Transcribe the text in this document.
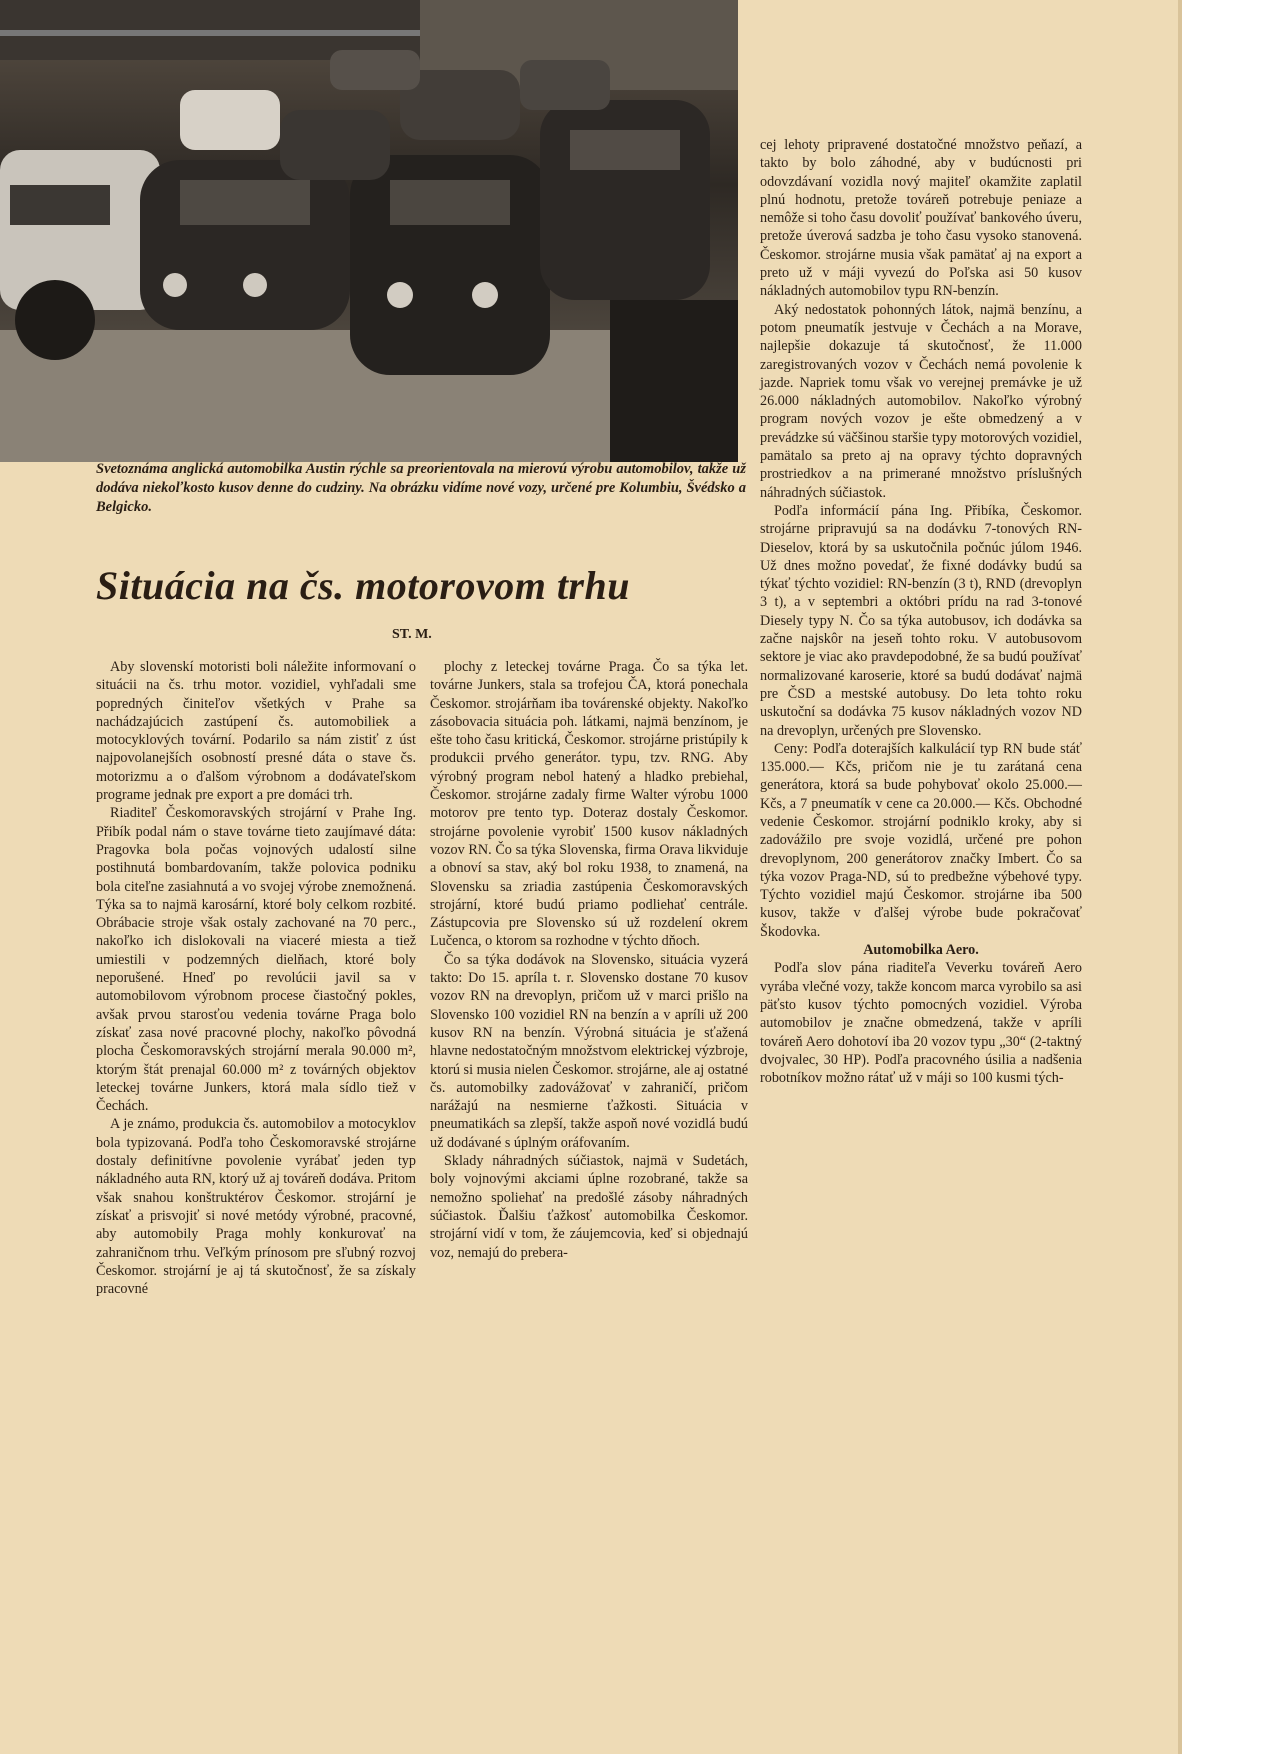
Svetoznáma anglická automobilka Austin rýchle sa preorientovala na mierovú výrobu automobilov, takže už dodáva niekoľkosto kusov denne do cudziny. Na obrázku vidíme nové vozy, určené pre Kolumbiu, Švédsko a Belgicko.
Situácia na čs. motorovom trhu
ST. M.

Aby slovenskí motoristi boli náležite informovaní o situácii na čs. trhu motor. vozidiel, vyhľadali sme popredných činiteľov všetkých v Prahe sa nachádzajúcich zastúpení čs. automobiliek a motocyklových tovární. Podarilo sa nám zistiť z úst najpovolanejších osobností presné dáta o stave čs. motorizmu a o ďalšom výrobnom a dodávateľskom programe jednak pre export a pre domáci trh.

Riaditeľ Českomoravských strojární v Prahe Ing. Přibík podal nám o stave továrne tieto zaujímavé dáta: Pragovka bola počas vojnových udalostí silne postihnutá bombardovaním, takže polovica podniku bola citeľne zasiahnutá a vo svojej výrobe znemožnená. Týka sa to najmä karosární, ktoré boly celkom rozbité. Obrábacie stroje však ostaly zachované na 70 perc., nakoľko ich dislokovali na viaceré miesta a tiež umiestili v podzemných dielňach, ktoré boly neporušené. Hneď po revolúcii javil sa v automobilovom výrobnom procese čiastočný pokles, avšak prvou starosťou vedenia továrne Praga bolo získať zasa nové pracovné plochy, nakoľko pôvodná plocha Českomoravských strojární merala 90.000 m², ktorým štát prenajal 60.000 m² z továrných objektov leteckej továrne Junkers, ktorá mala sídlo tiež v Čechách.

A je známo, produkcia čs. automobilov a motocyklov bola typizovaná. Podľa toho Českomoravské strojárne dostaly definitívne povolenie vyrábať jeden typ nákladného auta RN, ktorý už aj továreň dodáva. Pritom však snahou konštruktérov Českomor. strojární je získať a prisvojiť si nové metódy výrobné, pracovné, aby automobily Praga mohly konkurovať na zahraničnom trhu. Veľkým prínosom pre sľubný rozvoj Českomor. strojární je aj tá skutočnosť, že sa získaly pracovné

plochy z leteckej továrne Praga. Čo sa týka let. továrne Junkers, stala sa trofejou ČA, ktorá ponechala Českomor. strojárňam iba továrenské objekty. Nakoľko zásobovacia situácia poh. látkami, najmä benzínom, je ešte toho času kritická, Českomor. strojárne pristúpily k produkcii prvého generátor. typu, tzv. RNG. Aby výrobný program nebol hatený a hladko prebiehal, Českomor. strojárne zadaly firme Walter výrobu 1000 motorov pre tento typ. Doteraz dostaly Českomor. strojárne povolenie vyrobiť 1500 kusov nákladných vozov RN. Čo sa týka Slovenska, firma Orava likviduje a obnoví sa stav, aký bol roku 1938, to znamená, na Slovensku sa zriadia zastúpenia Českomoravských strojární, ktoré budú priamo podliehať centrále. Zástupcovia pre Slovensko sú už rozdelení okrem Lučenca, o ktorom sa rozhodne v týchto dňoch.

Čo sa týka dodávok na Slovensko, situácia vyzerá takto: Do 15. apríla t. r. Slovensko dostane 70 kusov vozov RN na drevoplyn, pričom už v marci prišlo na Slovensko 100 vozidiel RN na benzín a v apríli už 200 kusov RN na benzín. Výrobná situácia je sťažená hlavne nedostatočným množstvom elektrickej výzbroje, ktorú si musia nielen Českomor. strojárne, ale aj ostatné čs. automobilky zadovážovať v zahraničí, pričom narážajú na nesmierne ťažkosti. Situácia v pneumatikách sa zlepší, takže aspoň nové vozidlá budú už dodávané s úplným oráfovaním.

Sklady náhradných súčiastok, najmä v Sudetách, boly vojnovými akciami úplne rozobrané, takže sa nemožno spoliehať na predošlé zásoby náhradných súčiastok. Ďalšiu ťažkosť automobilka Českomor. strojární vidí v tom, že záujemcovia, keď si objednajú voz, nemajú do prebera-

cej lehoty pripravené dostatočné množstvo peňazí, a takto by bolo záhodné, aby v budúcnosti pri odovzdávaní vozidla nový majiteľ okamžite zaplatil plnú hodnotu, pretože továreň potrebuje peniaze a nemôže si toho času dovoliť používať bankového úveru, pretože úverová sadzba je toho času vysoko stanovená. Českomor. strojárne musia však pamätať aj na export a preto už v máji vyvezú do Poľska asi 50 kusov nákladných automobilov typu RN-benzín.

Aký nedostatok pohonných látok, najmä benzínu, a potom pneumatík jestvuje v Čechách a na Morave, najlepšie dokazuje tá skutočnosť, že 11.000 zaregistrovaných vozov v Čechách nemá povolenie k jazde. Napriek tomu však vo verejnej premávke je už 26.000 nákladných automobilov. Nakoľko výrobný program nových vozov je ešte obmedzený a v prevádzke sú väčšinou staršie typy motorových vozidiel, pamätalo sa preto aj na opravy týchto dopravných prostriedkov a na primerané množstvo príslušných náhradných súčiastok.

Podľa informácií pána Ing. Přibíka, Českomor. strojárne pripravujú sa na dodávku 7-tonových RN-Dieselov, ktorá by sa uskutočnila počnúc júlom 1946. Už dnes možno povedať, že fixné dodávky budú sa týkať týchto vozidiel: RN-benzín (3 t), RND (drevoplyn 3 t), a v septembri a októbri prídu na rad 3-tonové Diesely typy N. Čo sa týka autobusov, ich dodávka sa začne najskôr na jeseň tohto roku. V autobusovom sektore je viac ako pravdepodobné, že sa budú používať normalizované karoserie, ktoré sa budú dodávať najmä pre ČSD a mestské autobusy. Do leta tohto roku uskutoční sa dodávka 75 kusov nákladných vozov ND na drevoplyn, určených pre Slovensko.

Ceny: Podľa doterajších kalkulácií typ RN bude stáť 135.000.— Kčs, pričom nie je tu zarátaná cena generátora, ktorá sa bude pohybovať okolo 25.000.— Kčs, a 7 pneumatík v cene ca 20.000.— Kčs. Obchodné vedenie Českomor. strojární podniklo kroky, aby si zadovážilo pre svoje vozidlá, určené pre pohon drevoplynom, 200 generátorov značky Imbert. Čo sa týka vozov Praga-ND, sú to predbežne výbehové typy. Týchto vozidiel majú Českomor. strojárne iba 500 kusov, takže v ďalšej výrobe bude pokračovať Škodovka.

Automobilka Aero.

Podľa slov pána riaditeľa Veverku továreň Aero vyrába vlečné vozy, takže koncom marca vyrobilo sa asi päťsto kusov týchto pomocných vozidiel. Výroba automobilov je značne obmedzená, takže v apríli továreň Aero dohotoví iba 20 vozov typu „30“ (2-taktný dvojvalec, 30 HP). Podľa pracovného úsilia a nadšenia robotníkov možno rátať už v máji so 100 kusmi tých-
